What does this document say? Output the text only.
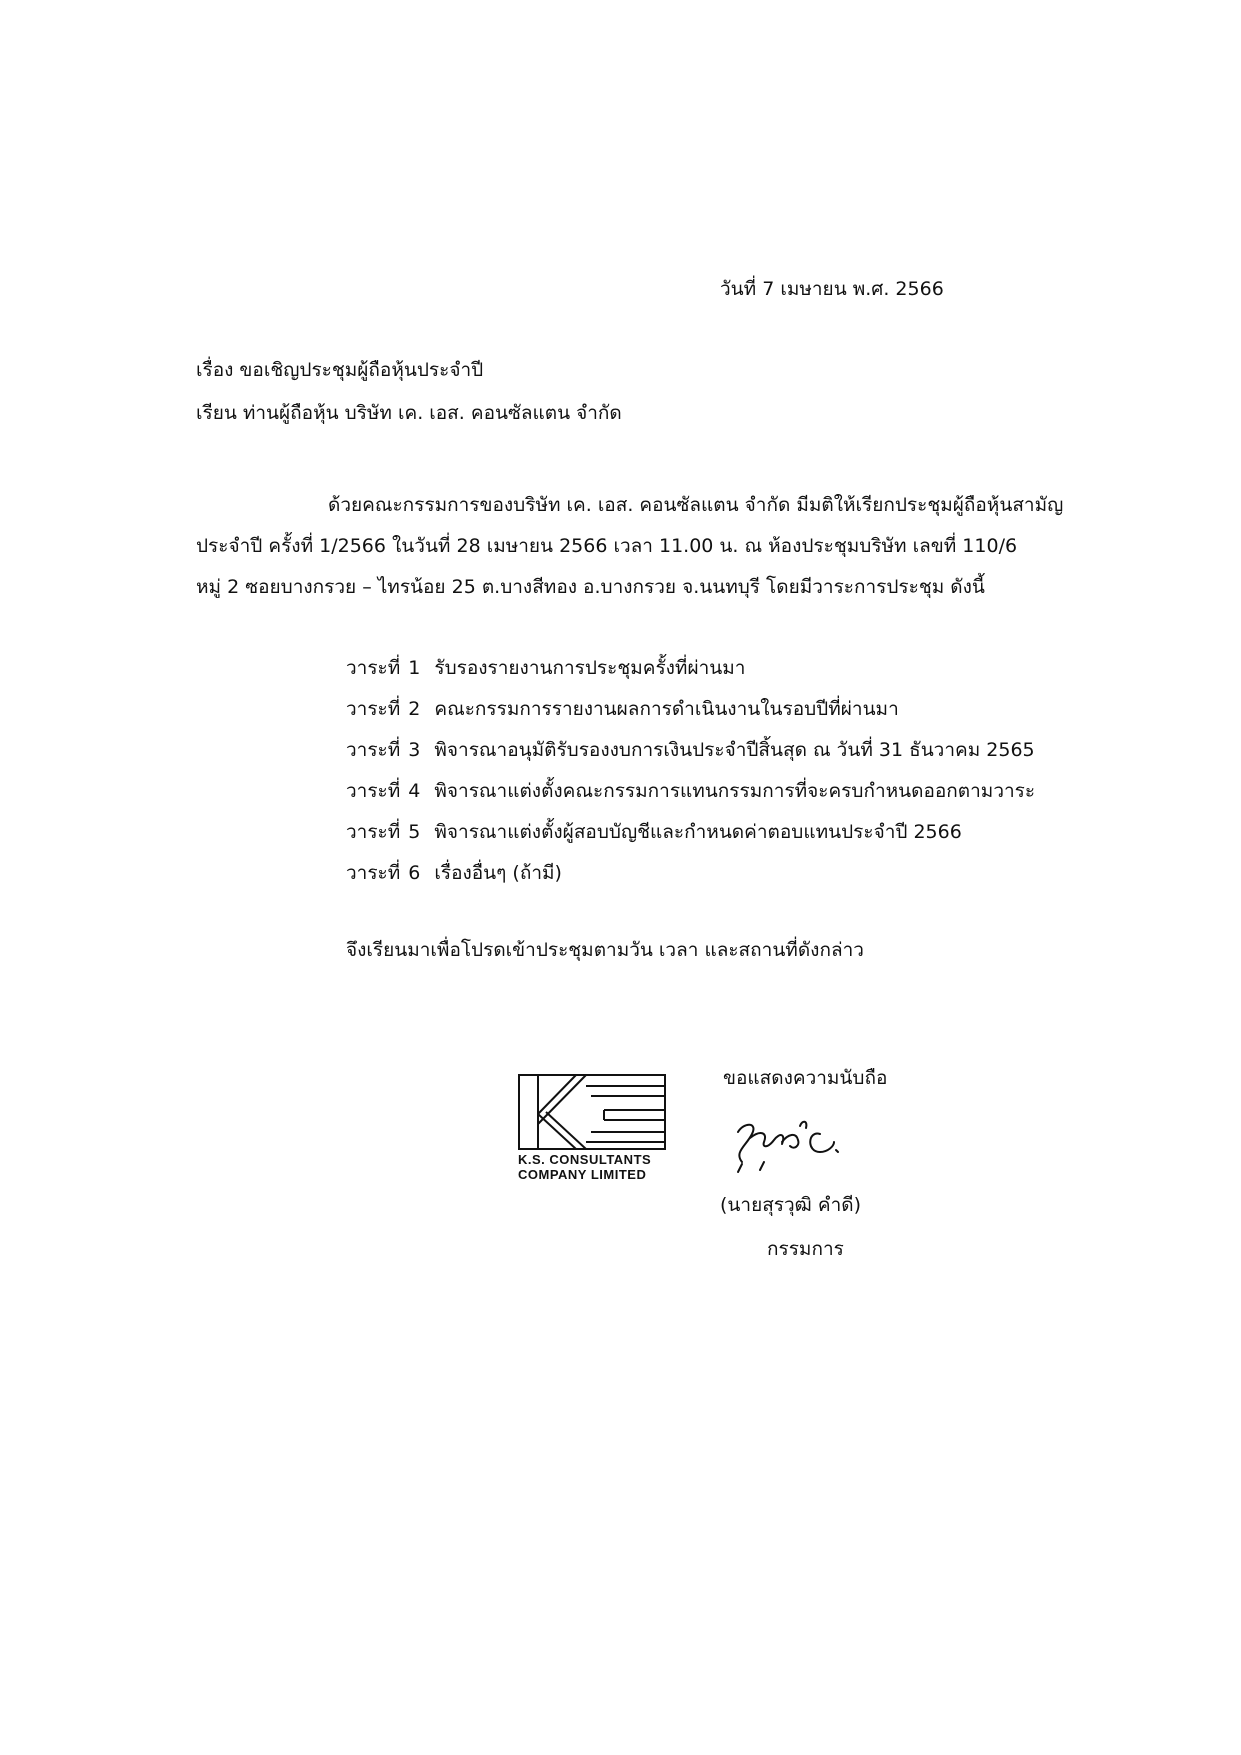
วันที่ 7 เมษายน พ.ศ. 2566
เรื่อง ขอเชิญประชุมผู้ถือหุ้นประจำปี
เรียน ท่านผู้ถือหุ้น บริษัท เค. เอส. คอนซัลแตน จำกัด
ด้วยคณะกรรมการของบริษัท เค. เอส. คอนซัลแตน จำกัด มีมติให้เรียกประชุมผู้ถือหุ้นสามัญ
ประจำปี ครั้งที่ 1/2566 ในวันที่ 28 เมษายน 2566 เวลา 11.00 น. ณ ห้องประชุมบริษัท เลขที่ 110/6
หมู่ 2 ซอยบางกรวย – ไทรน้อย 25 ต.บางสีทอง อ.บางกรวย จ.นนทบุรี โดยมีวาระการประชุม ดังนี้
วาระที่ 1 รับรองรายงานการประชุมครั้งที่ผ่านมา
วาระที่ 2 คณะกรรมการรายงานผลการดำเนินงานในรอบปีที่ผ่านมา
วาระที่ 3 พิจารณาอนุมัติรับรองงบการเงินประจำปีสิ้นสุด ณ วันที่ 31 ธันวาคม 2565
วาระที่ 4 พิจารณาแต่งตั้งคณะกรรมการแทนกรรมการที่จะครบกำหนดออกตามวาระ
วาระที่ 5 พิจารณาแต่งตั้งผู้สอบบัญชีและกำหนดค่าตอบแทนประจำปี 2566
วาระที่ 6 เรื่องอื่นๆ (ถ้ามี)
จึงเรียนมาเพื่อโปรดเข้าประชุมตามวัน เวลา และสถานที่ดังกล่าว
K.S. CONSULTANTS
COMPANY LIMITED
ขอแสดงความนับถือ
(นายสุรวุฒิ คำดี)
กรรมการ
